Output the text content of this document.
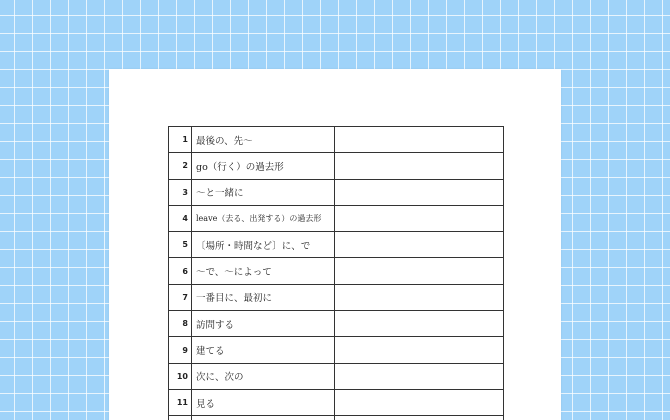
1	最後の、先～	
2	go（行く）の過去形	
3	～と一緒に	
4	leave（去る、出発する）の過去形	
5	〔場所・時間など〕に、で	
6	～で、～によって	
7	一番目に、最初に	
8	訪問する	
9	建てる	
10	次に、次の	
11	見る	
